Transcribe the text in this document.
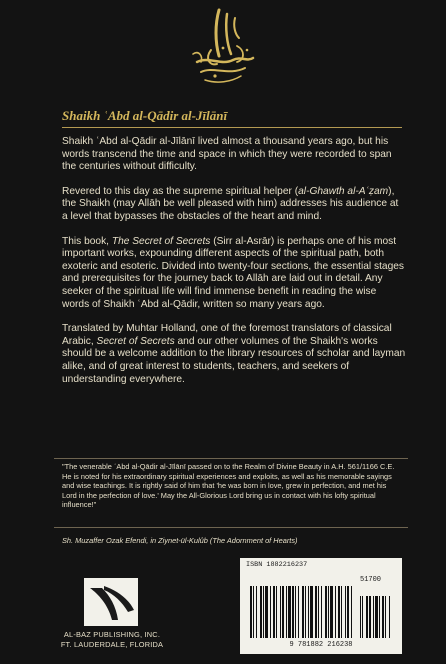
Shaikh ʿAbd al-Qādir al-Jīlānī

Shaikh ʿAbd al-Qādir al-Jīlānī lived almost a thousand years ago, but his words transcend the time and space in which they were recorded to span the centuries without difficulty.

Revered to this day as the supreme spiritual helper (al-Ghawth al-Aʿẓam), the Shaikh (may Allāh be well pleased with him) addresses his audience at a level that bypasses the obstacles of the heart and mind.

This book, The Secret of Secrets (Sirr al-Asrār) is perhaps one of his most important works, expounding different aspects of the spiritual path, both exoteric and esoteric. Divided into twenty-four sections, the essential stages and prerequisites for the journey back to Allāh are laid out in detail. Any seeker of the spiritual life will find immense benefit in reading the wise words of Shaikh ʿAbd al-Qādir, written so many years ago.

Translated by Muhtar Holland, one of the foremost translators of classical Arabic, Secret of Secrets and our other volumes of the Shaikh's works should be a welcome addition to the library resources of scholar and layman alike, and of great interest to students, teachers, and seekers of understanding everywhere.

"The venerable ʿAbd al-Qādir al-Jīlānī passed on to the Realm of Divine Beauty in A.H. 561/1166 C.E. He is noted for his extraordinary spiritual experiences and exploits, as well as his memorable sayings and wise teachings. It is rightly said of him that 'he was born in love, grew in perfection, and met his Lord in the perfection of love.' May the All-Glorious Lord bring us in contact with his lofty spiritual influence!"
Sh. Muzaffer Ozak Efendi, in Ziynet-ül-Kulûb (The Adornment of Hearts)
AL-BAZ PUBLISHING, INC.
FT. LAUDERDALE, FLORIDA
ISBN 1882216237
51700
9 781882 216238
